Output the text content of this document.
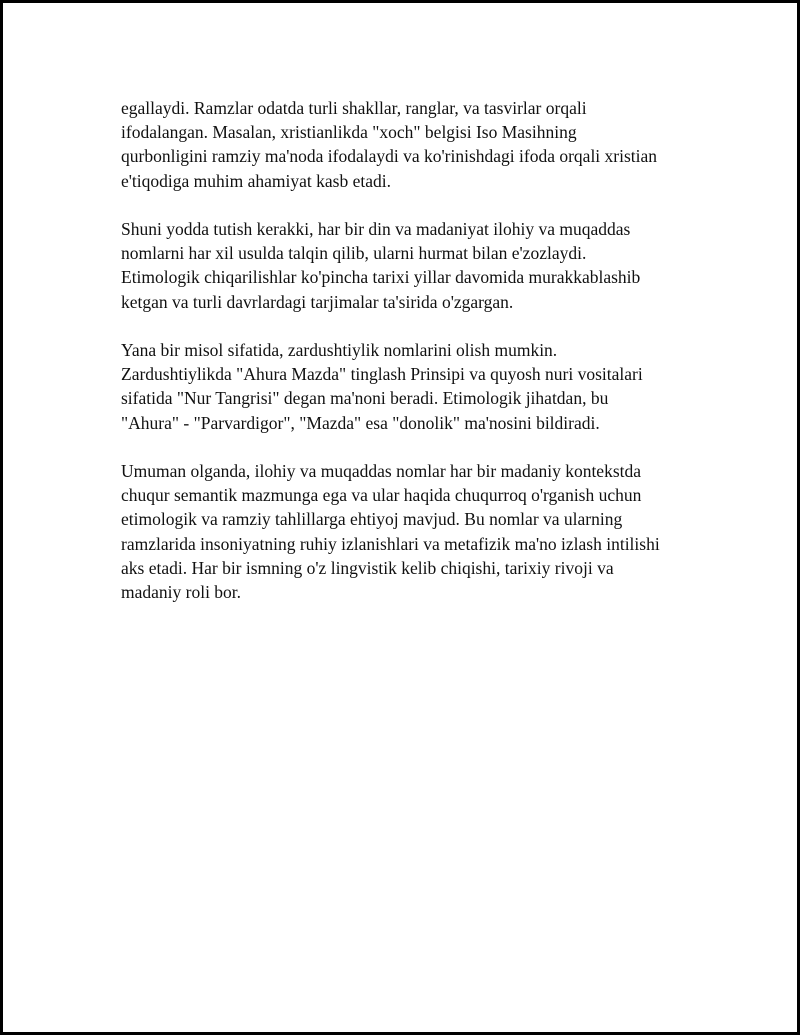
egallaydi. Ramzlar odatda turli shakllar, ranglar, va tasvirlar orqali
ifodalangan. Masalan, xristianlikda "xoch" belgisi Iso Masihning
qurbonligini ramziy ma'noda ifodalaydi va ko'rinishdagi ifoda orqali xristian
e'tiqodiga muhim ahamiyat kasb etadi.

Shuni yodda tutish kerakki, har bir din va madaniyat ilohiy va muqaddas
nomlarni har xil usulda talqin qilib, ularni hurmat bilan e'zozlaydi.
Etimologik chiqarilishlar ko'pincha tarixi yillar davomida murakkablashib
ketgan va turli davrlardagi tarjimalar ta'sirida o'zgargan.

Yana bir misol sifatida, zardushtiylik nomlarini olish mumkin.
Zardushtiylikda "Ahura Mazda" tinglash Prinsipi va quyosh nuri vositalari
sifatida "Nur Tangrisi" degan ma'noni beradi. Etimologik jihatdan, bu
"Ahura" - "Parvardigor", "Mazda" esa "donolik" ma'nosini bildiradi.

Umuman olganda, ilohiy va muqaddas nomlar har bir madaniy kontekstda
chuqur semantik mazmunga ega va ular haqida chuqurroq o'rganish uchun
etimologik va ramziy tahlillarga ehtiyoj mavjud. Bu nomlar va ularning
ramzlarida insoniyatning ruhiy izlanishlari va metafizik ma'no izlash intilishi
aks etadi. Har bir ismning o'z lingvistik kelib chiqishi, tarixiy rivoji va
madaniy roli bor.
